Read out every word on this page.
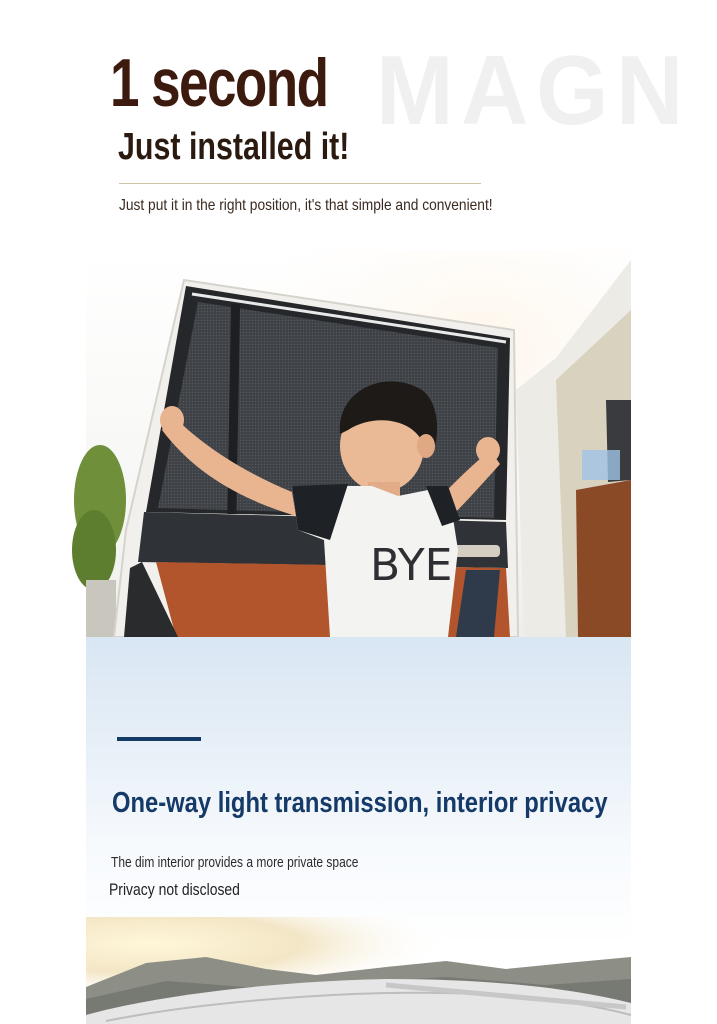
MAGN
1 second
Just installed it!
Just put it in the right position, it's that simple and convenient!
BYE
One-way light transmission, interior privacy
The dim interior provides a more private space
Privacy not disclosed
